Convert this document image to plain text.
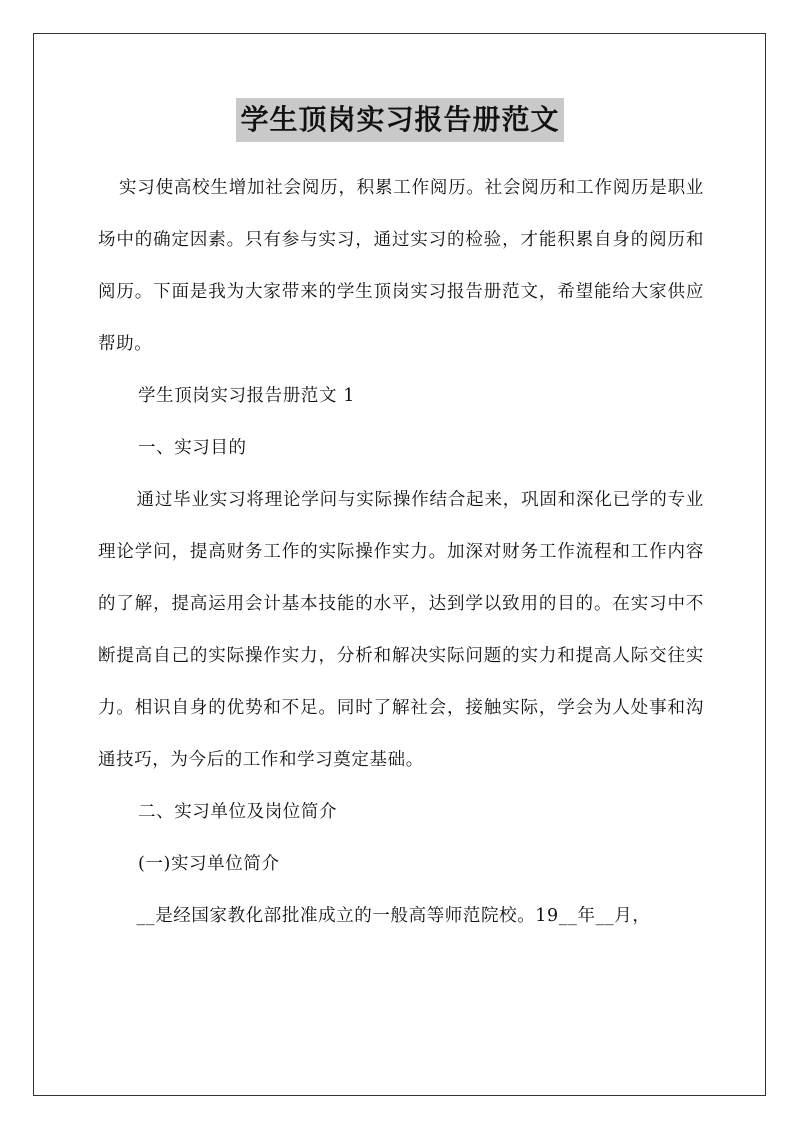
学生顶岗实习报告册范文

实习使高校生增加社会阅历，积累工作阅历。社会阅历和工作阅历是职业场中的确定因素。只有参与实习，通过实习的检验，才能积累自身的阅历和阅历。下面是我为大家带来的学生顶岗实习报告册范文，希望能给大家供应帮助。

学生顶岗实习报告册范文 1

一、实习目的

通过毕业实习将理论学问与实际操作结合起来，巩固和深化已学的专业理论学问，提高财务工作的实际操作实力。加深对财务工作流程和工作内容的了解，提高运用会计基本技能的水平，达到学以致用的目的。在实习中不断提高自己的实际操作实力，分析和解决实际问题的实力和提高人际交往实力。相识自身的优势和不足。同时了解社会，接触实际，学会为人处事和沟通技巧，为今后的工作和学习奠定基础。

二、实习单位及岗位简介

(一)实习单位简介

__是经国家教化部批准成立的一般高等师范院校。19__年__月，
